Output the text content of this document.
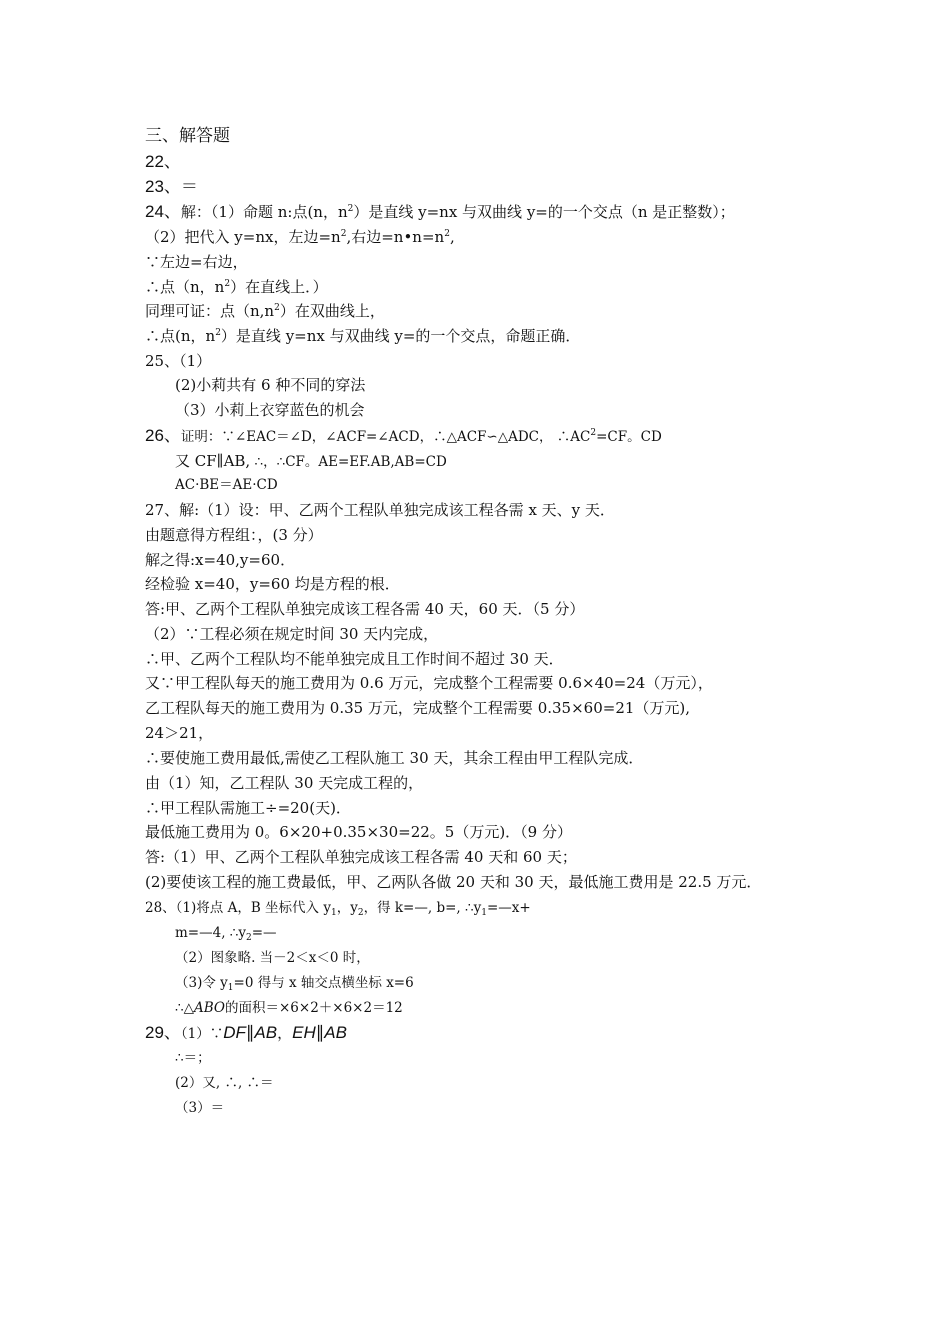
三、解答题
22、
23、＝
24、解：（1）命题 n:点(n，$n^2$）是直线 y=nx 与双曲线 y=的一个交点（n 是正整数）；
（2）把代入 y=nx，左边$=n^2$,右边$=n•n=n^2$,
∵左边=右边，
∴点（n，$n^2$）在直线上．）
同理可证：点$(n,n^2)$在双曲线上，
∴点(n，$n^2$）是直线 y=nx 与双曲线 y=的一个交点，命题正确．
25、（1）
(2)小莉共有 6 种不同的穿法
（3）小莉上衣穿蓝色的机会
26、证明：∵∠EAC＝∠D，∠ACF=∠ACD，∴△ACF∽△ADC， $\therefore AC^2=CF$。CD
又 CF∥AB, ∴，∴CF。AE=EF.AB,AB=CD
AC·BE＝AE·CD
27、解:（1）设：甲、乙两个工程队单独完成该工程各需 x 天、y 天．
由题意得方程组：，(3 分）
解之得:x=40,y=60．
经检验 x=40，y=60 均是方程的根．
答:甲、乙两个工程队单独完成该工程各需 40 天，60 天．（5 分）
（2）∵工程必须在规定时间 30 天内完成，
∴甲、乙两个工程队均不能单独完成且工作时间不超过 30 天．
又∵甲工程队每天的施工费用为 0.6 万元，完成整个工程需要 0.6×40=24（万元），
乙工程队每天的施工费用为 0.35 万元，完成整个工程需要 0.35×60=21（万元),
24＞21，
∴要使施工费用最低,需使乙工程队施工 30 天，其余工程由甲工程队完成．
由（1）知，乙工程队 30 天完成工程的，
∴甲工程队需施工÷=20(天)．
最低施工费用为 0。6×20+0.35×30=22。5（万元)．（9 分）
答:（1）甲、乙两个工程队单独完成该工程各需 40 天和 60 天；
(2)要使该工程的施工费最低，甲、乙两队各做 20 天和 30 天，最低施工费用是 22.5 万元．
28、（1)将点 A，B 坐标代入 $y_1$，$y_2$，得 k=—, b=, $\therefore y_1=—x+$
m=—4, $\therefore y_2=—$
（2）图象略. 当－2＜x＜0 时，
（3)令 $y_1=0$ 得与 x 轴交点横坐标 x=6
∴△ABO的面积＝×6×2＋×6×2＝12
29、（1）∵DF∥AB，EH∥AB
∴＝；
(2）又, ∴, ∴＝
（3）＝
